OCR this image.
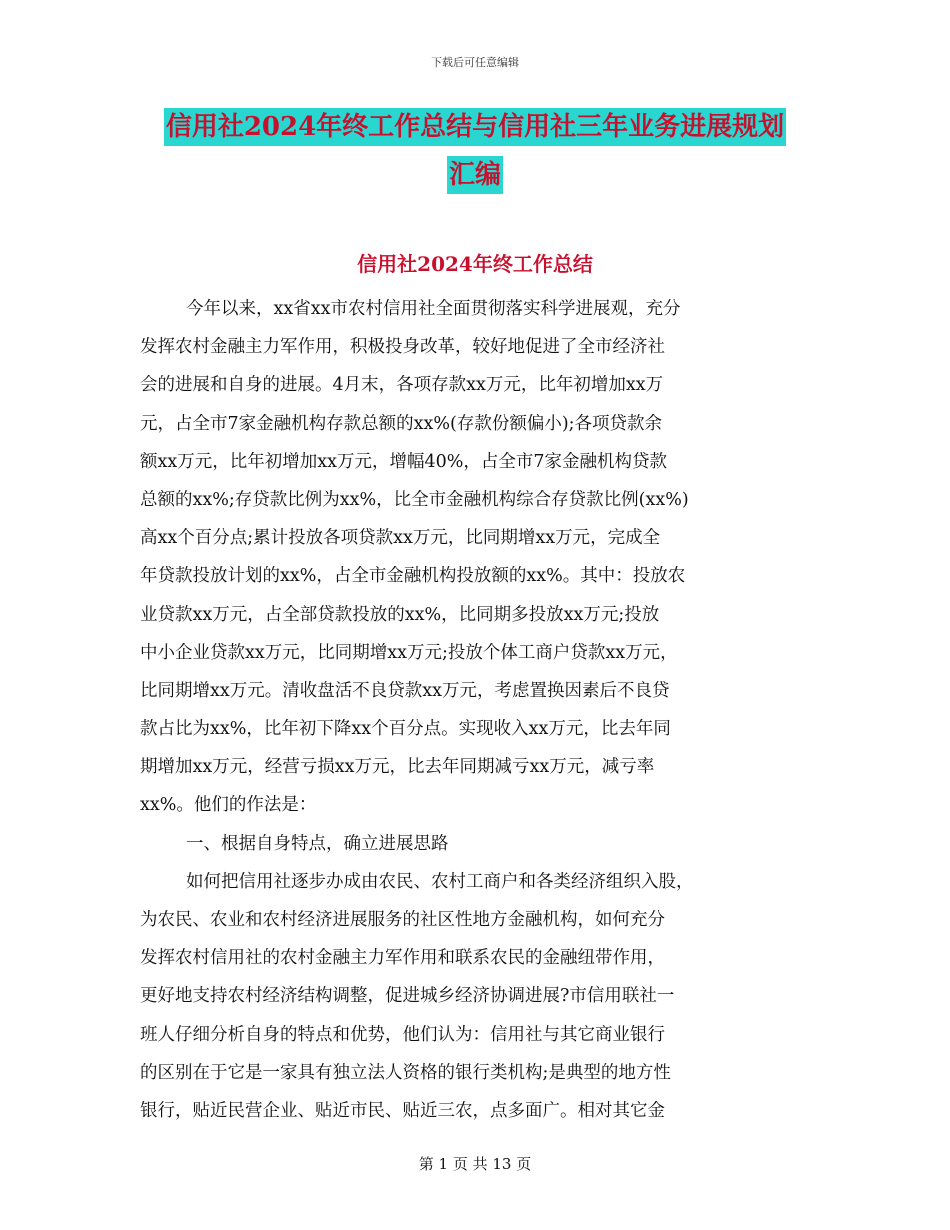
下载后可任意编辑
信用社2024年终工作总结与信用社三年业务进展规划
汇编
信用社2024年终工作总结
今年以来，xx省xx市农村信用社全面贯彻落实科学进展观，充分
发挥农村金融主力军作用，积极投身改革，较好地促进了全市经济社
会的进展和自身的进展。4月末，各项存款xx万元，比年初增加xx万
元，占全市7家金融机构存款总额的xx%(存款份额偏小);各项贷款余
额xx万元，比年初增加xx万元，增幅40%，占全市7家金融机构贷款
总额的xx%;存贷款比例为xx%，比全市金融机构综合存贷款比例(xx%)
高xx个百分点;累计投放各项贷款xx万元，比同期增xx万元，完成全
年贷款投放计划的xx%，占全市金融机构投放额的xx%。其中：投放农
业贷款xx万元，占全部贷款投放的xx%，比同期多投放xx万元;投放
中小企业贷款xx万元，比同期增xx万元;投放个体工商户贷款xx万元，
比同期增xx万元。清收盘活不良贷款xx万元，考虑置换因素后不良贷
款占比为xx%，比年初下降xx个百分点。实现收入xx万元，比去年同
期增加xx万元，经营亏损xx万元，比去年同期减亏xx万元，减亏率
xx%。他们的作法是：
一、根据自身特点，确立进展思路
如何把信用社逐步办成由农民、农村工商户和各类经济组织入股，
为农民、农业和农村经济进展服务的社区性地方金融机构，如何充分
发挥农村信用社的农村金融主力军作用和联系农民的金融纽带作用，
更好地支持农村经济结构调整，促进城乡经济协调进展?市信用联社一
班人仔细分析自身的特点和优势，他们认为：信用社与其它商业银行
的区别在于它是一家具有独立法人资格的银行类机构;是典型的地方性
银行，贴近民营企业、贴近市民、贴近三农，点多面广。相对其它金
第 1 页 共 13 页
